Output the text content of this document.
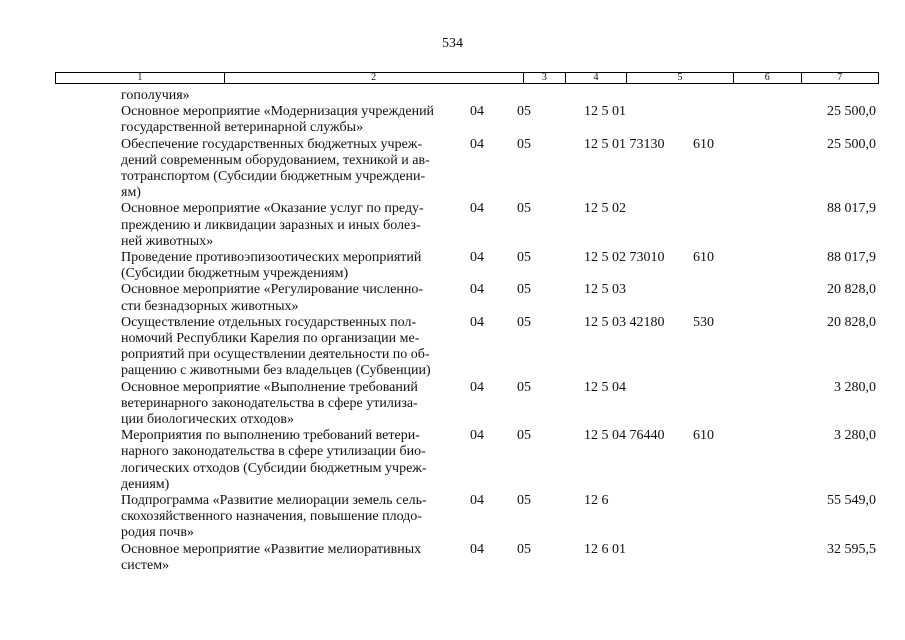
534
1	2	3	4	5	6	7
гополучия»
Основное мероприятие «Модернизация учреждений
государственной ветеринарной службы»
04 05	12 5 01	25 500,0
Обеспечение государственных бюджетных учреж-
дений современным оборудованием, техникой и ав-
тотранспортом (Субсидии бюджетным учреждени-
ям)
04 05	12 5 01 73130 610	25 500,0
Основное мероприятие «Оказание услуг по преду-
преждению и ликвидации заразных и иных болез-
ней животных»
04 05	12 5 02	88 017,9
Проведение противоэпизоотических мероприятий
(Субсидии бюджетным учреждениям)
04 05	12 5 02 73010 610	88 017,9
Основное мероприятие «Регулирование численно-
сти безнадзорных животных»
04 05	12 5 03	20 828,0
Осуществление отдельных государственных пол-
номочий Республики Карелия по организации ме-
роприятий при осуществлении деятельности по об-
ращению с животными без владельцев (Субвенции)
04 05	12 5 03 42180 530	20 828,0
Основное мероприятие «Выполнение требований
ветеринарного законодательства в сфере утилиза-
ции биологических отходов»
04 05	12 5 04	3 280,0
Мероприятия по выполнению требований ветери-
нарного законодательства в сфере утилизации био-
логических отходов (Субсидии бюджетным учреж-
дениям)
04 05	12 5 04 76440 610	3 280,0
Подпрограмма «Развитие мелиорации земель сель-
скохозяйственного назначения, повышение плодо-
родия почв»
04 05	12 6	55 549,0
Основное мероприятие «Развитие мелиоративных
систем»
04 05	12 6 01	32 595,5
